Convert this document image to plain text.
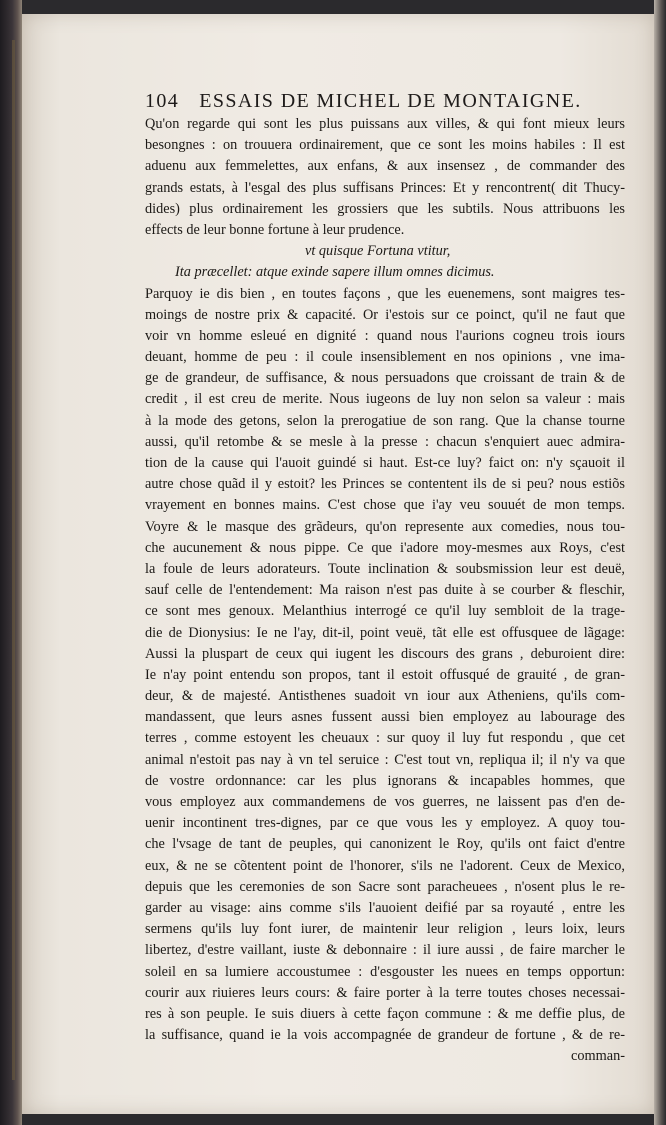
104 ESSAIS DE MICHEL DE MONTAIGNE.
Qu'on regarde qui sont les plus puissans aux villes, & qui font mieux leurs
besongnes : on trouuera ordinairement, que ce sont les moins habiles : Il est
aduenu aux femmelettes, aux enfans, & aux insensez , de commander des
grands estats, à l'esgal des plus suffisans Princes: Et y rencontrent( dit Thucy-
dides) plus ordinairement les grossiers que les subtils. Nous attribuons les
effects de leur bonne fortune à leur prudence.
vt quisque Fortuna vtitur,
Ita præcellet: atque exinde sapere illum omnes dicimus.
Parquoy ie dis bien , en toutes façons , que les euenemens, sont maigres tes-
moings de nostre prix & capacité. Or i'estois sur ce poinct, qu'il ne faut que
voir vn homme esleué en dignité : quand nous l'aurions cogneu trois iours
deuant, homme de peu : il coule insensiblement en nos opinions , vne ima-
ge de grandeur, de suffisance, & nous persuadons que croissant de train & de
credit , il est creu de merite. Nous iugeons de luy non selon sa valeur : mais
à la mode des getons, selon la prerogatiue de son rang. Que la chanse tourne
aussi, qu'il retombe & se mesle à la presse : chacun s'enquiert auec admira-
tion de la cause qui l'auoit guindé si haut. Est-ce luy? faict on: n'y sçauoit il
autre chose quãd il y estoit? les Princes se contentent ils de si peu? nous estiõs
vrayement en bonnes mains. C'est chose que i'ay veu souuét de mon temps.
Voyre & le masque des grãdeurs, qu'on represente aux comedies, nous tou-
che aucunement & nous pippe. Ce que i'adore moy-mesmes aux Roys, c'est
la foule de leurs adorateurs. Toute inclination & soubsmission leur est deuë,
sauf celle de l'entendement: Ma raison n'est pas duite à se courber & fleschir,
ce sont mes genoux. Melanthius interrogé ce qu'il luy sembloit de la trage-
die de Dionysius: Ie ne l'ay, dit-il, point veuë, tãt elle est offusquee de lãgage:
Aussi la pluspart de ceux qui iugent les discours des grans , deburoient dire:
Ie n'ay point entendu son propos, tant il estoit offusqué de grauité , de gran-
deur, & de majesté. Antisthenes suadoit vn iour aux Atheniens, qu'ils com-
mandassent, que leurs asnes fussent aussi bien employez au labourage des
terres , comme estoyent les cheuaux : sur quoy il luy fut respondu , que cet
animal n'estoit pas nay à vn tel seruice : C'est tout vn, repliqua il; il n'y va que
de vostre ordonnance: car les plus ignorans & incapables hommes, que
vous employez aux commandemens de vos guerres, ne laissent pas d'en de-
uenir incontinent tres-dignes, par ce que vous les y employez. A quoy tou-
che l'vsage de tant de peuples, qui canonizent le Roy, qu'ils ont faict d'entre
eux, & ne se cõtentent point de l'honorer, s'ils ne l'adorent. Ceux de Mexico,
depuis que les ceremonies de son Sacre sont paracheuees , n'osent plus le re-
garder au visage: ains comme s'ils l'auoient deifié par sa royauté , entre les
sermens qu'ils luy font iurer, de maintenir leur religion , leurs loix, leurs
libertez, d'estre vaillant, iuste & debonnaire : il iure aussi , de faire marcher le
soleil en sa lumiere accoustumee : d'esgouster les nuees en temps opportun:
courir aux riuieres leurs cours: & faire porter à la terre toutes choses necessai-
res à son peuple. Ie suis diuers à cette façon commune : & me deffie plus, de
la suffisance, quand ie la vois accompagnée de grandeur de fortune , & de re-
comman-
